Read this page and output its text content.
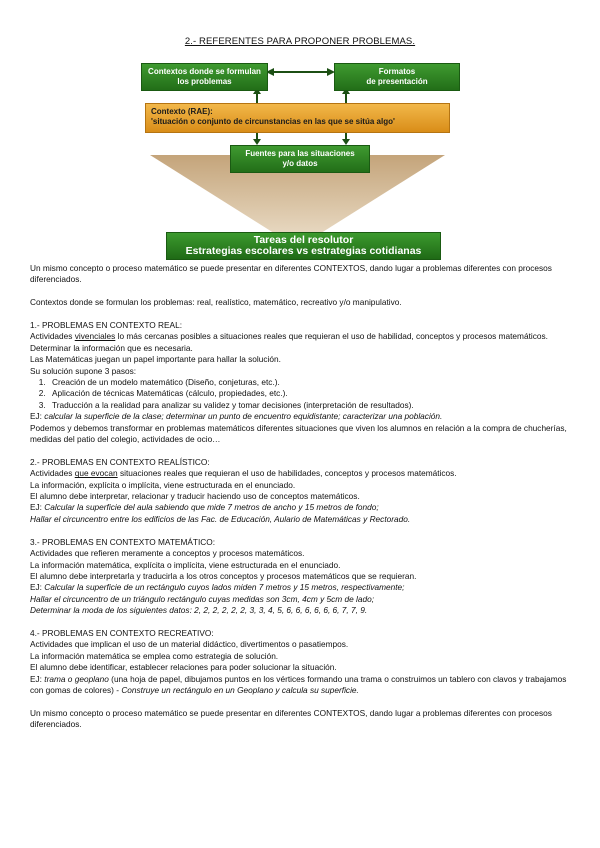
2.- REFERENTES PARA PROPONER PROBLEMAS.
Contextos donde se formulan los problemas
Formatos
de presentación
Contexto (RAE):
'situación o conjunto de circunstancias en las que se sitúa algo'
Fuentes para las situaciones
y/o datos
Tareas del resolutor
Estrategias escolares vs estrategias cotidianas

Un mismo concepto o proceso matemático se puede presentar en diferentes CONTEXTOS, dando lugar a problemas diferentes con procesos diferenciados.

Contextos donde se formulan los problemas: real, realístico, matemático, recreativo y/o manipulativo.

1.- PROBLEMAS EN CONTEXTO REAL:

Actividades vivenciales lo más cercanas posibles a situaciones reales que requieran el uso de habilidad, conceptos y procesos matemáticos.

Determinar la información que es necesaria.

Las Matemáticas juegan un papel importante para hallar la solución.

Su solución supone 3 pasos:

1. Creación de un modelo matemático (Diseño, conjeturas, etc.).
2. Aplicación de técnicas Matemáticas (cálculo, propiedades, etc.).
3. Traducción a la realidad para analizar su validez y tomar decisiones (interpretación de resultados).

EJ: calcular la superficie de la clase; determinar un punto de encuentro equidistante; caracterizar una población.

Podemos y debemos transformar en problemas matemáticos diferentes situaciones que viven los alumnos en relación a la compra de chucherías, medidas del patio del colegio, actividades de ocio…

2.- PROBLEMAS EN CONTEXTO REALÍSTICO:

Actividades que evocan situaciones reales que requieran el uso de habilidades, conceptos y procesos matemáticos.

La información, explícita o implícita, viene estructurada en el enunciado.

El alumno debe interpretar, relacionar y traducir haciendo uso de conceptos matemáticos.

EJ: Calcular la superficie del aula sabiendo que mide 7 metros de ancho y 15 metros de fondo;

Hallar el circuncentro entre los edificios de las Fac. de Educación, Aulario de Matemáticas y Rectorado.

3.- PROBLEMAS EN CONTEXTO MATEMÁTICO:

Actividades que refieren meramente a conceptos y procesos matemáticos.

La información matemática, explícita o implícita, viene estructurada en el enunciado.

El alumno debe interpretarla y traducirla a los otros conceptos y procesos matemáticos que se requieran.

EJ: Calcular la superficie de un rectángulo cuyos lados miden 7 metros y 15 metros, respectivamente;

Hallar el circuncentro de un triángulo rectángulo cuyas medidas son 3cm, 4cm y 5cm de lado;

Determinar la moda de los siguientes datos: 2, 2, 2, 2, 2, 2, 3, 3, 4, 5, 6, 6, 6, 6, 6, 6, 7, 7, 9.

4.- PROBLEMAS EN CONTEXTO RECREATIVO:

Actividades que implican el uso de un material didáctico, divertimentos o pasatiempos.

La información matemática se emplea como estrategia de solución.

El alumno debe identificar, establecer relaciones para poder solucionar la situación.

EJ: trama o geoplano (una hoja de papel, dibujamos puntos en los vértices formando una trama o construimos un tablero con clavos y trabajamos con gomas de colores) - Construye un rectángulo en un Geoplano y calcula su superficie.

Un mismo concepto o proceso matemático se puede presentar en diferentes CONTEXTOS, dando lugar a problemas diferentes con procesos diferenciados.
